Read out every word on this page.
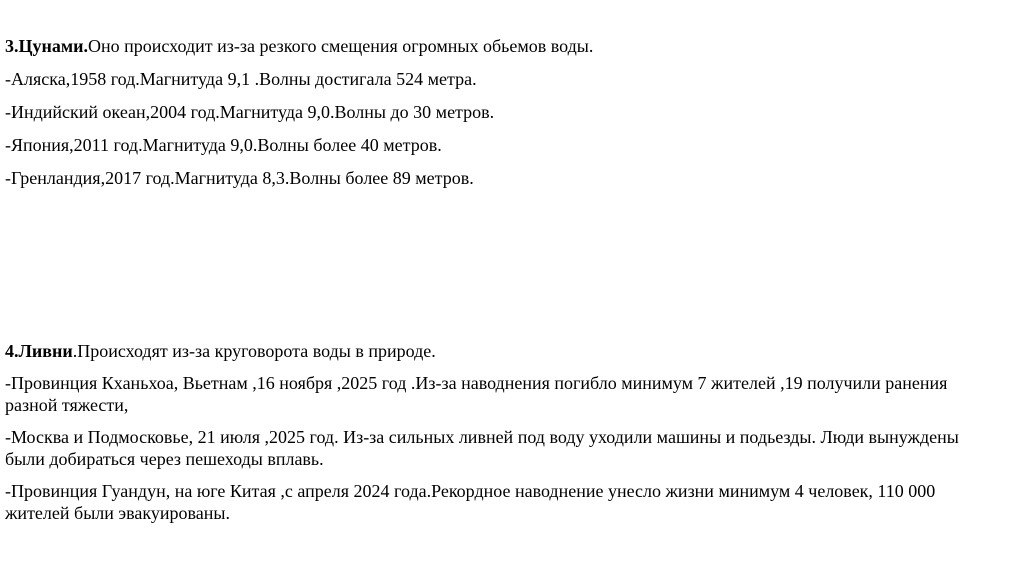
3.Цунами.Оно происходит из-за резкого смещения огромных обьемов воды.

-Аляска,1958 год.Магнитуда 9,1 .Волны достигала 524 метра.

-Индийский океан,2004 год.Магнитуда 9,0.Волны до 30 метров.

-Япония,2011 год.Магнитуда 9,0.Волны более 40 метров.

-Гренландия,2017 год.Магнитуда 8,3.Волны более 89 метров.

4.Ливни.Происходят из-за круговорота воды в природе.

-Провинция Кханьхоа, Вьетнам ,16 ноября ,2025 год .Из-за наводнения погибло минимум 7 жителей ,19 получили ранения разной тяжести,

-Москва и Подмосковье, 21 июля ,2025 год. Из-за сильных ливней под воду уходили машины и подьезды. Люди вынуждены были добираться через пешеходы вплавь.

-Провинция Гуандун, на юге Китая ,с апреля 2024 года.Рекордное наводнение унесло жизни минимум 4 человек, 110 000 жителей были эвакуированы.
